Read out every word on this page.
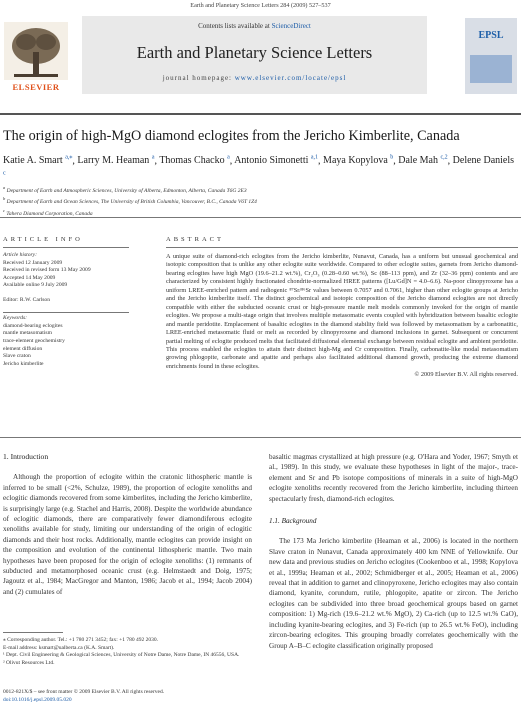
Earth and Planetary Science Letters 284 (2009) 527–537
Contents lists available at ScienceDirect
Earth and Planetary Science Letters
journal homepage: www.elsevier.com/locate/epsl
ELSEVIER
EPSL
The origin of high-MgO diamond eclogites from the Jericho Kimberlite, Canada
Katie A. Smart $^{a,⁎}$, Larry M. Heaman $^a$, Thomas Chacko $^a$, Antonio Simonetti $^{a,1}$, Maya Kopylova $^b$, Dale Mah $^{c,2}$, Delene Daniels $^c$
$^a$ Department of Earth and Atmospheric Sciences, University of Alberta, Edmonton, Alberta, Canada T6G 2E3
$^b$ Department of Earth and Ocean Sciences, The University of British Columbia, Vancouver, B.C., Canada V6T 1Z4
$^c$ Tahera Diamond Corporation, Canada
ARTICLE INFO
Article history:
Received 12 January 2009
Received in revised form 13 May 2009
Accepted 14 May 2009
Available online 9 July 2009
Editor: R.W. Carlson
Keywords:
diamond-bearing eclogites
mantle metasomatism
trace-element geochemistry
element diffusion
Slave craton
Jericho kimberlite
ABSTRACT
A unique suite of diamond-rich eclogites from the Jericho kimberlite, Nunavut, Canada, has a uniform but unusual geochemical and isotopic composition that is unlike any other eclogite suite worldwide. Compared to other eclogite suites, garnets from Jericho diamond-bearing eclogites have high MgO (19.6–21.2 wt.%), Cr₂O₃ (0.28–0.60 wt.%), Sc (88–113 ppm), and Zr (32–36 ppm) contents and are characterized by consistent highly fractionated chondrite-normalized HREE patterns ([Lu/Gd]N = 4.0–6.6). Na-poor clinopyroxene has a uniform LREE-enriched pattern and radiogenic ⁸⁷Sr/⁸⁶Sr values between 0.7057 and 0.7061, higher than other eclogite groups at Jericho and the Jericho kimberlite itself. The distinct geochemical and isotopic composition of the Jericho diamond eclogites are not directly compatible with either the subducted oceanic crust or high-pressure mantle melt models commonly invoked for the origin of mantle eclogites. We propose a multi-stage origin that involves multiple metasomatic events coupled with hybridization between basaltic eclogite and mantle peridotite. Emplacement of basaltic eclogites in the diamond stability field was followed by metasomatism by a carbonatitic, LREE-enriched metasomatic fluid or melt as recorded by clinopyroxene and diamond inclusions in garnet. Subsequent or concurrent partial melting of eclogite produced melts that facilitated diffusional elemental exchange between residual eclogite and ambient peridotite. This process enabled the eclogites to attain their distinct high-Mg and Cr composition. Finally, carbonatite-like modal metasomatism growing phlogopite, carbonate and apatite and perhaps also facilitated additional diamond growth, producing the extreme diamond enrichments found in these eclogites.
© 2009 Elsevier B.V. All rights reserved.
1. Introduction

Although the proportion of eclogite within the cratonic lithospheric mantle is inferred to be small (<2%, Schulze, 1989), the proportion of eclogite xenoliths and eclogitic diamonds recovered from some kimberlites, including the Jericho kimberlite, is surprisingly large (e.g. Stachel and Harris, 2008). Despite the worldwide abundance of eclogitic diamonds, there are comparatively fewer diamondiferous eclogite xenoliths available for study, limiting our understanding of the origin of eclogitic diamonds and their host rocks. Additionally, mantle eclogites can provide insight on the composition and evolution of the continental lithospheric mantle. Two main hypotheses have been proposed for the origin of eclogite xenoliths: (1) remnants of subducted and metamorphosed oceanic crust (e.g. Helmstaedt and Doig, 1975; Jagoutz et al., 1984; MacGregor and Manton, 1986; Jacob et al., 1994; Jacob 2004) and (2) cumulates of

⁎ Corresponding author. Tel.: +1 780 271 3452; fax: +1 780 492 2030.
E-mail address: ksmart@ualberta.ca (K.A. Smart).
¹ Dept. Civil Engineering & Geological Sciences, University of Notre Dame, Notre Dame, IN 46556, USA.
² Olivut Resources Ltd.
0012-821X/$ – see front matter © 2009 Elsevier B.V. All rights reserved.
doi:10.1016/j.epsl.2009.05.020

basaltic magmas crystallized at high pressure (e.g. O'Hara and Yoder, 1967; Smyth et al., 1989). In this study, we evaluate these hypotheses in light of the major-, trace-element and Sr and Pb isotope compositions of minerals in a suite of high-MgO eclogite xenoliths recently recovered from the Jericho kimberlite, including thirteen spectacularly fresh, diamond-rich eclogites.

1.1. Background

The 173 Ma Jericho kimberlite (Heaman et al., 2006) is located in the northern Slave craton in Nunavut, Canada approximately 400 km NNE of Yellowknife. Our new data and previous studies on Jericho eclogites (Cookenboo et al., 1998; Kopylova et al., 1999a; Heaman et al., 2002; Schmidberger et al., 2005; Heaman et al., 2006) reveal that in addition to garnet and clinopyroxene, Jericho eclogites may also contain diamond, kyanite, corundum, rutile, phlogopite, apatite or zircon. The Jericho eclogites can be subdivided into three broad geochemical groups based on garnet composition: 1) Mg-rich (19.6–21.2 wt.% MgO), 2) Ca-rich (up to 12.5 wt.% CaO), including kyanite-bearing eclogites, and 3) Fe-rich (up to 26.5 wt.% FeO), including zircon-bearing eclogites. This grouping broadly correlates geochemically with the Group A–B–C eclogite classification originally proposed
